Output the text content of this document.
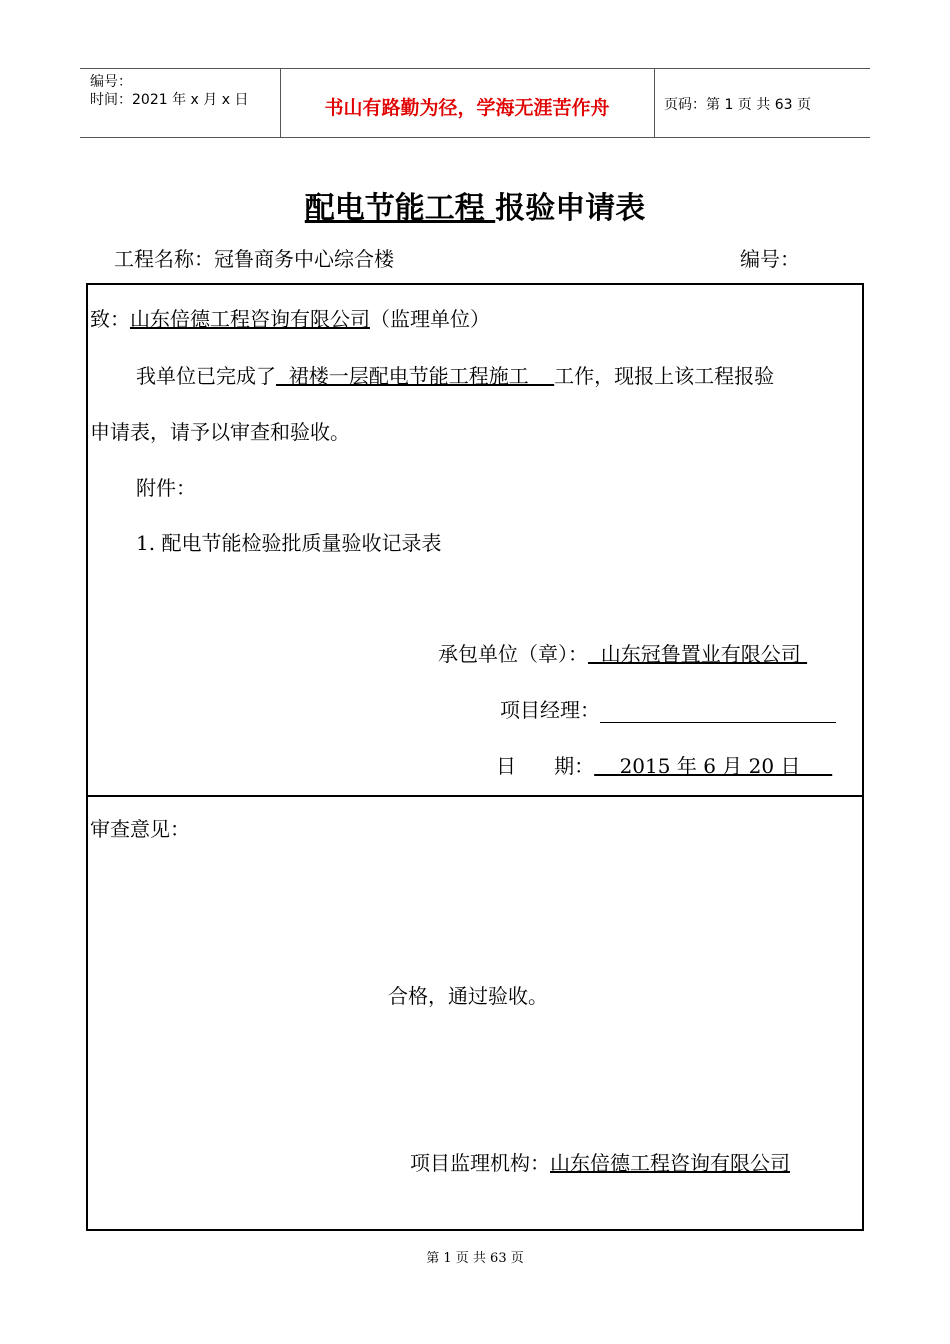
编号：
时间：2021 年 x 月 x 日	书山有路勤为径，学海无涯苦作舟	页码：第 1 页 共 63 页
配电节能工程 报验申请表
工程名称：冠鲁商务中心综合楼	编号：
致：山东倍德工程咨询有限公司（监理单位）
我单位已完成了  裙楼一层配电节能工程施工    工作，现报上该工程报验
申请表，请予以审查和验收。
附件：
1. 配电节能检验批质量验收记录表
承包单位（章）：  山东冠鲁置业有限公司
项目经理：
日      期：    2015 年 6 月 20 日
审查意见：
合格，通过验收。
项目监理机构：山东倍德工程咨询有限公司
第 1 页 共 63 页
